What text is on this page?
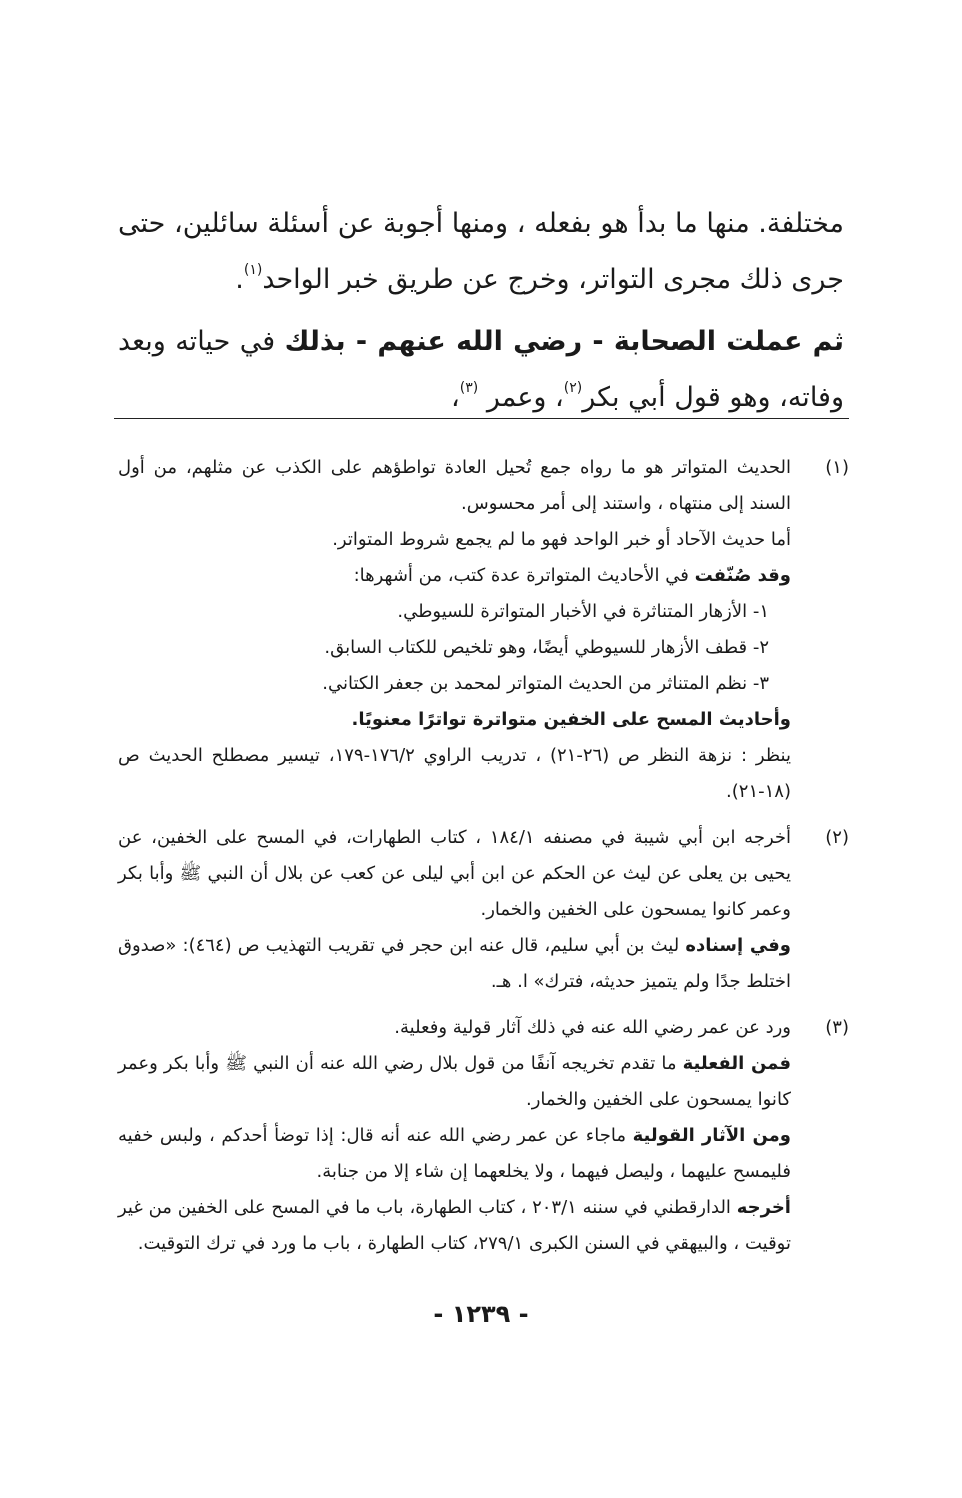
مختلفة. منها ما بدأ هو بفعله ، ومنها أجوبة عن أسئلة سائلين، حتى جرى ذلك مجرى التواتر، وخرج عن طريق خبر الواحد$^{(١)}$.

ثم عملت الصحابة - رضي الله عنهم - بذلك في حياته وبعد وفاته، وهو قول أبي بكر$^{(٢)}$، وعمر $^{(٣)}$،

(١)

الحديث المتواتر هو ما رواه جمع تُحيل العادة تواطؤهم على الكذب عن مثلهم، من أول السند إلى منتهاه ، واستند إلى أمر محسوس.

أما حديث الآحاد أو خبر الواحد فهو ما لم يجمع شروط المتواتر.

وقد صُنّفت في الأحاديث المتواترة عدة كتب، من أشهرها:

١- الأزهار المتناثرة في الأخبار المتواترة للسيوطي.

٢- قطف الأزهار للسيوطي أيضًا، وهو تلخيص للكتاب السابق.

٣- نظم المتناثر من الحديث المتواتر لمحمد بن جعفر الكتاني.

وأحاديث المسح على الخفين متواترة تواترًا معنويًا.

ينظر : نزهة النظر ص (٢٦-٢١) ، تدريب الراوي ١٧٦/٢-١٧٩، تيسير مصطلح الحديث ص (١٨-٢١).

(٢)

أخرجه ابن أبي شيبة في مصنفه ١٨٤/١ ، كتاب الطهارات، في المسح على الخفين، عن يحيى بن يعلى عن ليث عن الحكم عن ابن أبي ليلى عن كعب عن بلال أن النبي ﷺ وأبا بكر وعمر كانوا يمسحون على الخفين والخمار.

وفي إسناده ليث بن أبي سليم، قال عنه ابن حجر في تقريب التهذيب ص (٤٦٤): «صدوق اختلط جدًا ولم يتميز حديثه، فترك» ا. هـ.

(٣)

ورد عن عمر رضي الله عنه في ذلك آثار قولية وفعلية.

فمن الفعلية ما تقدم تخريجه آنفًا من قول بلال رضي الله عنه أن النبي ﷺ وأبا بكر وعمر كانوا يمسحون على الخفين والخمار.

ومن الآثار القولية ماجاء عن عمر رضي الله عنه أنه قال: إذا توضأ أحدكم ، ولبس خفيه فليمسح عليهما ، وليصل فيهما ، ولا يخلعهما إن شاء إلا من جنابة.

أخرجه الدارقطني في سننه ٢٠٣/١ ، كتاب الطهارة، باب ما في المسح على الخفين من غير توقيت ، والبيهقي في السنن الكبرى ٢٧٩/١، كتاب الطهارة ، باب ما ورد في ترك التوقيت.

- ١٢٣٩ -
